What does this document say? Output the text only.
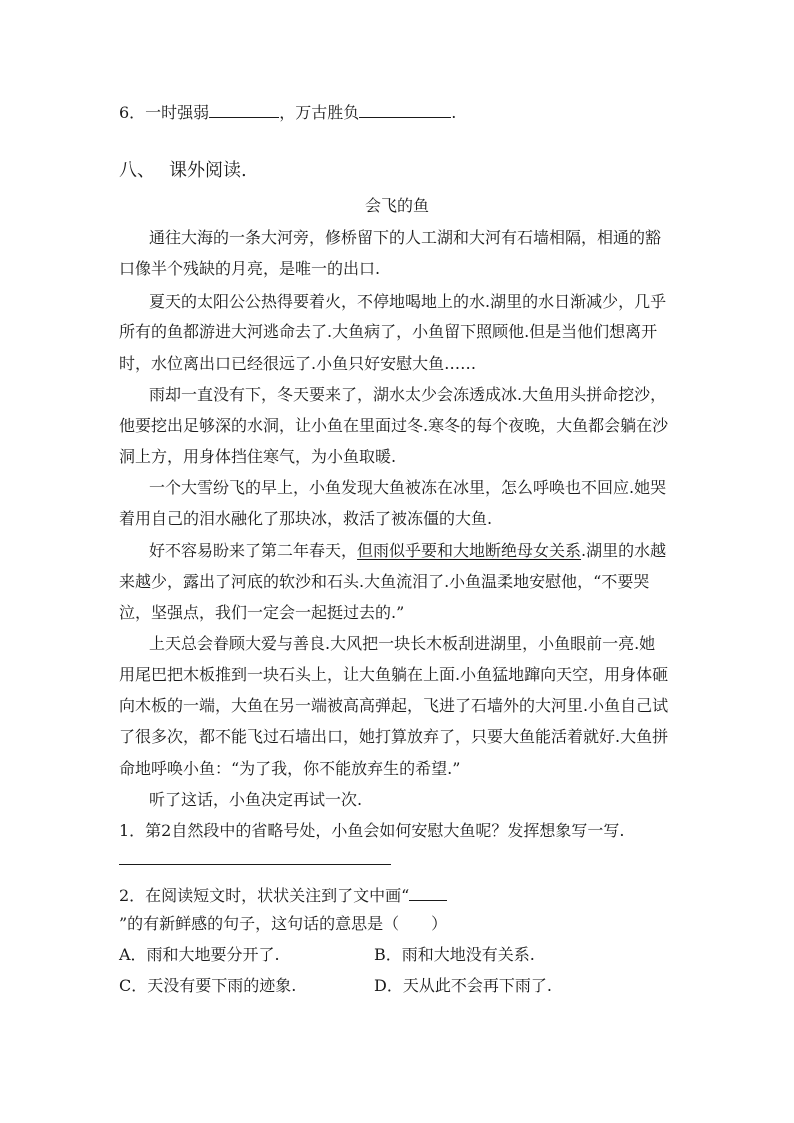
6．一时强弱	，万古胜负	.
八、 课外阅读.
会飞的鱼
通往大海的一条大河旁，修桥留下的人工湖和大河有石墙相隔，相通的豁
口像半个残缺的月亮，是唯一的出口.
夏天的太阳公公热得要着火，不停地喝地上的水.湖里的水日渐减少，几乎
所有的鱼都游进大河逃命去了.大鱼病了，小鱼留下照顾他.但是当他们想离开
时，水位离出口已经很远了.小鱼只好安慰大鱼……
雨却一直没有下，冬天要来了，湖水太少会冻透成冰.大鱼用头拼命挖沙，
他要挖出足够深的水洞，让小鱼在里面过冬.寒冬的每个夜晚，大鱼都会躺在沙
洞上方，用身体挡住寒气，为小鱼取暖.
一个大雪纷飞的早上，小鱼发现大鱼被冻在冰里，怎么呼唤也不回应.她哭
着用自己的泪水融化了那块冰，救活了被冻僵的大鱼.
好不容易盼来了第二年春天，但雨似乎要和大地断绝母女关系.湖里的水越
来越少，露出了河底的软沙和石头.大鱼流泪了.小鱼温柔地安慰他，“不要哭
泣，坚强点，我们一定会一起挺过去的.”
上天总会眷顾大爱与善良.大风把一块长木板刮进湖里，小鱼眼前一亮.她
用尾巴把木板推到一块石头上，让大鱼躺在上面.小鱼猛地蹿向天空，用身体砸
向木板的一端，大鱼在另一端被高高弹起，飞进了石墙外的大河里.小鱼自己试
了很多次，都不能飞过石墙出口，她打算放弃了，只要大鱼能活着就好.大鱼拼
命地呼唤小鱼：“为了我，你不能放弃生的希望.”
听了这话，小鱼决定再试一次.
1．第2自然段中的省略号处，小鱼会如何安慰大鱼呢？发挥想象写一写.
2．在阅读短文时，状状关注到了文中画“
”的有新鲜感的句子，这句话的意思是（　　）
A．雨和大地要分开了.	B．雨和大地没有关系.
C．天没有要下雨的迹象.	D．天从此不会再下雨了.
